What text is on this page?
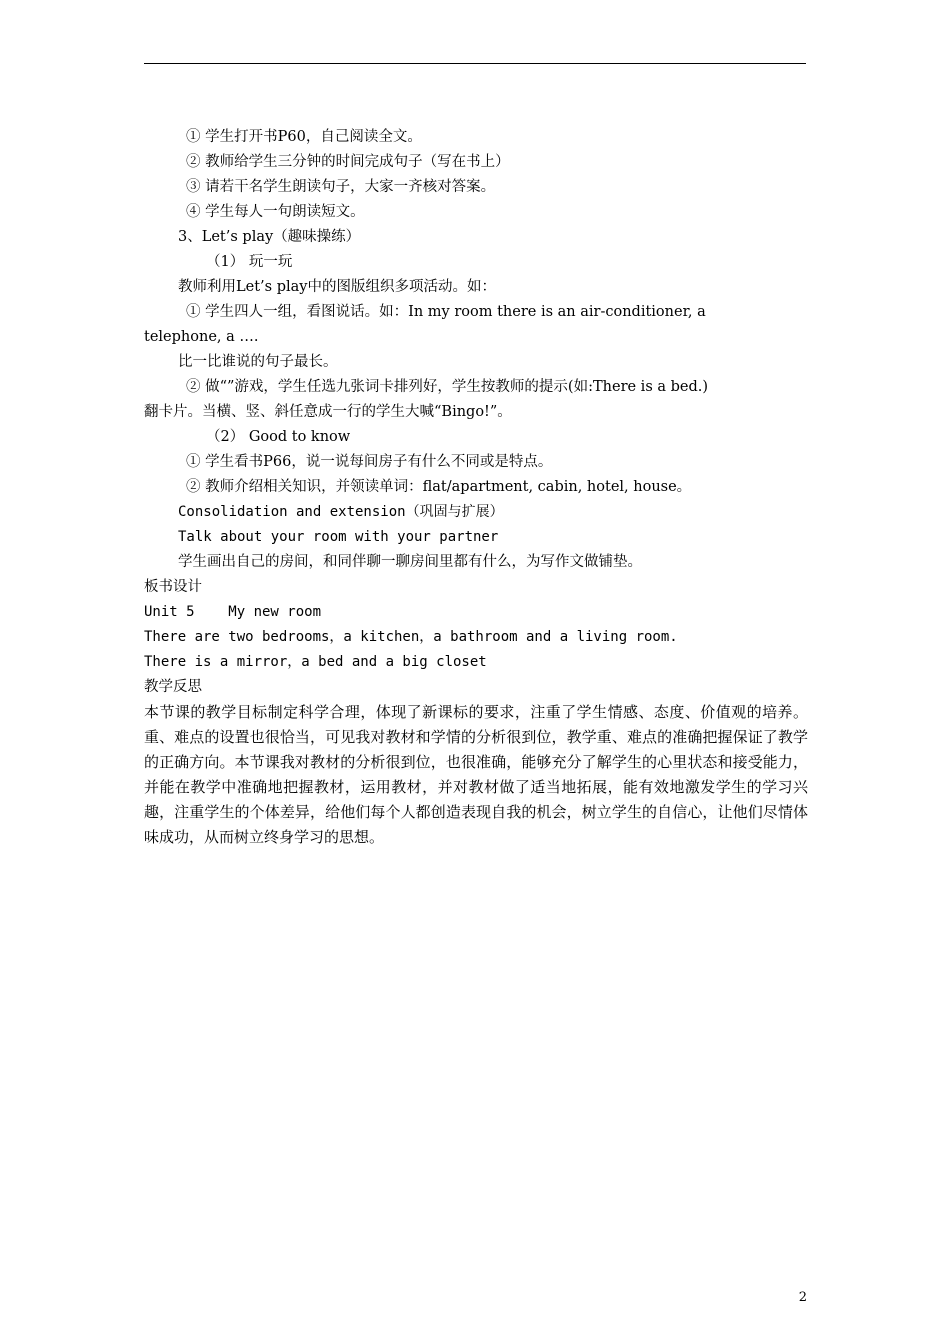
① 学生打开书P60，自己阅读全文。
② 教师给学生三分钟的时间完成句子（写在书上）
③ 请若干名学生朗读句子，大家一齐核对答案。
④ 学生每人一句朗读短文。
3、Let’s play（趣味操练）
（1） 玩一玩
教师利用Let’s play中的图版组织多项活动。如：
① 学生四人一组，看图说话。如：In my room there is an air-conditioner, a
telephone, a ….
比一比谁说的句子最长。
② 做“”游戏，学生任选九张词卡排列好，学生按教师的提示(如:There is a bed.)
翻卡片。当横、竖、斜任意成一行的学生大喊“Bingo!”。
（2） Good to know
① 学生看书P66，说一说每间房子有什么不同或是特点。
② 教师介绍相关知识，并领读单词：flat/apartment, cabin, hotel, house。
Consolidation and extension（巩固与扩展）
Talk about your room with your partner
学生画出自己的房间，和同伴聊一聊房间里都有什么，为写作文做铺垫。
板书设计
Unit 5    My new room
There are two bedrooms，a kitchen，a bathroom and a living room.
There is a mirror，a bed and a big closet
教学反思
本节课的教学目标制定科学合理，体现了新课标的要求，注重了学生情感、态度、价值观的培养。重、难点的设置也很恰当，可见我对教材和学情的分析很到位，教学重、难点的准确把握保证了教学的正确方向。本节课我对教材的分析很到位，也很准确，能够充分了解学生的心里状态和接受能力，并能在教学中准确地把握教材，运用教材，并对教材做了适当地拓展，能有效地激发学生的学习兴趣，注重学生的个体差异，给他们每个人都创造表现自我的机会，树立学生的自信心，让他们尽情体味成功，从而树立终身学习的思想。
2
